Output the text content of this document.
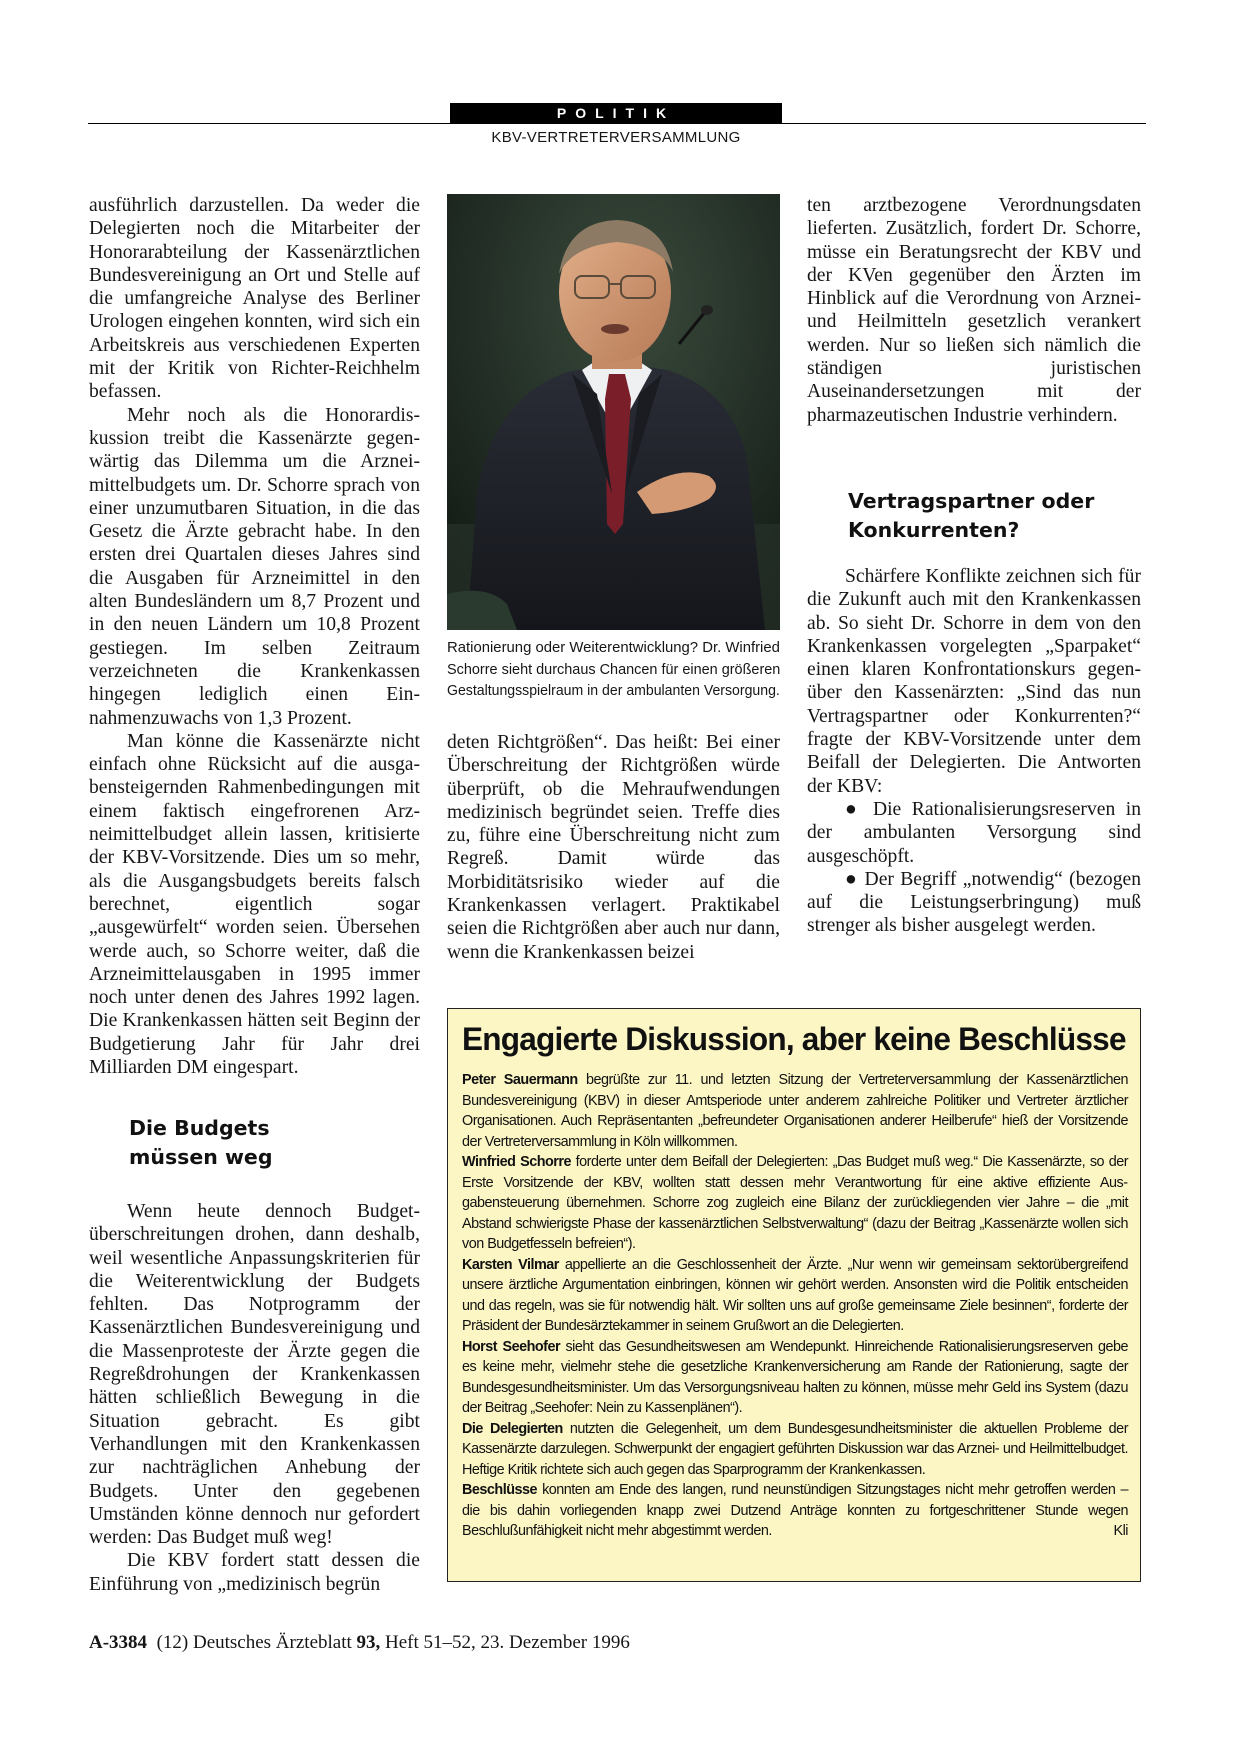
POLITIK
KBV-VERTRETERVERSAMMLUNG

ausführlich darzustellen. Da weder die Delegierten noch die Mitarbeiter der Honorarabteilung der Kassenärztlichen Bundesvereinigung an Ort und Stelle auf die umfangreiche Analyse des Berliner Urologen eingehen konnten, wird sich ein Arbeitskreis aus verschiedenen Experten mit der Kritik von Richter-Reichhelm befassen.

Mehr noch als die Honorardiskussion treibt die Kassenärzte gegenwärtig das Dilemma um die Arzneimittelbudgets um. Dr. Schorre sprach von einer unzumutbaren Situation, in die das Gesetz die Ärzte gebracht habe. In den ersten drei Quartalen dieses Jahres sind die Ausgaben für Arzneimittel in den alten Bundesländern um 8,7 Prozent und in den neuen Ländern um 10,8 Prozent gestiegen. Im selben Zeitraum verzeichneten die Krankenkassen hingegen lediglich einen Einnahmenzuwachs von 1,3 Prozent.

Man könne die Kassenärzte nicht einfach ohne Rücksicht auf die ausgabensteigernden Rahmenbedingungen mit einem faktisch eingefrorenen Arzneimittelbudget allein lassen, kritisierte der KBV-Vorsitzende. Dies um so mehr, als die Ausgangsbudgets bereits falsch berechnet, eigentlich sogar „ausgewürfelt“ worden seien. Übersehen werde auch, so Schorre weiter, daß die Arzneimittelausgaben in 1995 immer noch unter denen des Jahres 1992 lagen. Die Krankenkassen hätten seit Beginn der Budgetierung Jahr für Jahr drei Milliarden DM eingespart.

Die Budgets
müssen weg

Wenn heute dennoch Budgetüberschreitungen drohen, dann deshalb, weil wesentliche Anpassungskriterien für die Weiterentwicklung der Budgets fehlten. Das Notprogramm der Kassenärztlichen Bundesvereinigung und die Massenproteste der Ärzte gegen die Regreßdrohungen der Krankenkassen hätten schließlich Bewegung in die Situation gebracht. Es gibt Verhandlungen mit den Krankenkassen zur nachträglichen Anhebung der Budgets. Unter den gegebenen Umständen könne dennoch nur gefordert werden: Das Budget muß weg!

Die KBV fordert statt dessen die Einführung von „medizinisch begrün

Rationierung oder Weiterentwicklung? Dr. Winfried
Schorre sieht durchaus Chancen für einen größeren
Gestaltungsspielraum in der ambulanten Versorgung.

deten Richtgrößen“. Das heißt: Bei einer Überschreitung der Richtgrößen würde überprüft, ob die Mehraufwendungen medizinisch begründet seien. Treffe dies zu, führe eine Überschreitung nicht zum Regreß. Damit würde das Morbiditätsrisiko wieder auf die Krankenkassen verlagert. Praktikabel seien die Richtgrößen aber auch nur dann, wenn die Krankenkassen beizei

ten arztbezogene Verordnungsdaten lieferten. Zusätzlich, fordert Dr. Schorre, müsse ein Beratungsrecht der KBV und der KVen gegenüber den Ärzten im Hinblick auf die Verordnung von Arznei- und Heilmitteln gesetzlich verankert werden. Nur so ließen sich nämlich die ständigen juristischen Auseinandersetzungen mit der pharmazeutischen Industrie verhindern.

Vertragspartner oder
Konkurrenten?

Schärfere Konflikte zeichnen sich für die Zukunft auch mit den Krankenkassen ab. So sieht Dr. Schorre in dem von den Krankenkassen vorgelegten „Sparpaket“ einen klaren Konfrontationskurs gegenüber den Kassenärzten: „Sind das nun Vertragspartner oder Konkurrenten?“ fragte der KBV-Vorsitzende unter dem Beifall der Delegierten. Die Antworten der KBV:

● Die Rationalisierungsreserven in der ambulanten Versorgung sind ausgeschöpft.

● Der Begriff „notwendig“ (bezogen auf die Leistungserbringung) muß strenger als bisher ausgelegt werden.

Engagierte Diskussion, aber keine Beschlüsse

Peter Sauermann begrüßte zur 11. und letzten Sitzung der Vertreterversammlung der Kassenärztlichen Bundesvereinigung (KBV) in dieser Amtsperiode unter anderem zahlreiche Politiker und Vertreter ärztlicher Organisationen. Auch Repräsentanten „befreundeter Organisationen anderer Heilberufe“ hieß der Vorsitzende der Vertreterversammlung in Köln willkommen.

Winfried Schorre forderte unter dem Beifall der Delegierten: „Das Budget muß weg.“ Die Kassenärzte, so der Erste Vorsitzende der KBV, wollten statt dessen mehr Verantwortung für eine aktive effiziente Ausgabensteuerung übernehmen. Schorre zog zugleich eine Bilanz der zurückliegenden vier Jahre – die „mit Abstand schwierigste Phase der kassenärztlichen Selbstverwaltung“ (dazu der Beitrag „Kassenärzte wollen sich von Budgetfesseln befreien“).

Karsten Vilmar appellierte an die Geschlossenheit der Ärzte. „Nur wenn wir gemeinsam sektorübergreifend unsere ärztliche Argumentation einbringen, können wir gehört werden. Ansonsten wird die Politik entscheiden und das regeln, was sie für notwendig hält. Wir sollten uns auf große gemeinsame Ziele besinnen“, forderte der Präsident der Bundesärztekammer in seinem Grußwort an die Delegierten.

Horst Seehofer sieht das Gesundheitswesen am Wendepunkt. Hinreichende Rationalisierungsreserven gebe es keine mehr, vielmehr stehe die gesetzliche Krankenversicherung am Rande der Rationierung, sagte der Bundesgesundheitsminister. Um das Versorgungsniveau halten zu können, müsse mehr Geld ins System (dazu der Beitrag „Seehofer: Nein zu Kassenplänen“).

Die Delegierten nutzten die Gelegenheit, um dem Bundesgesundheitsminister die aktuellen Probleme der Kassenärzte darzulegen. Schwerpunkt der engagiert geführten Diskussion war das Arznei- und Heilmittelbudget. Heftige Kritik richtete sich auch gegen das Sparprogramm der Krankenkassen.

Beschlüsse konnten am Ende des langen, rund neunstündigen Sitzungstages nicht mehr getroffen werden – die bis dahin vorliegenden knapp zwei Dutzend Anträge konnten zu fortgeschrittener Stunde wegen Beschlußunfähigkeit nicht mehr abgestimmt werden.	Kli

A-3384 (12) Deutsches Ärzteblatt 93, Heft 51–52, 23. Dezember 1996
